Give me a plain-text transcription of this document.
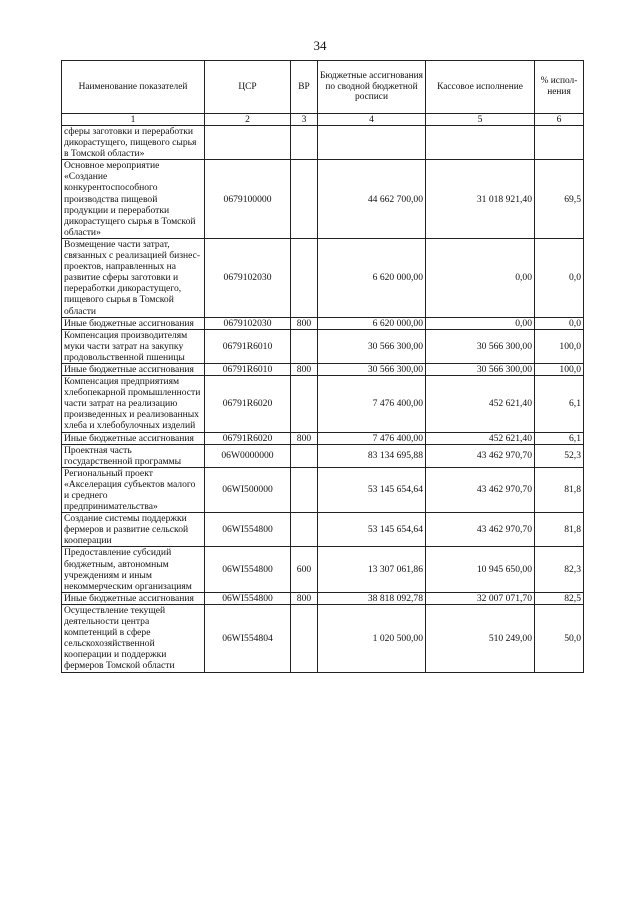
34
Наименование показателей	ЦСР	ВР	Бюджетные ассигнования по сводной бюджетной росписи	Кассовое исполнение	% испол-нения
1	2	3	4	5	6
сферы заготовки и переработки дикорастущего, пищевого сырья в Томской области»					
Основное мероприятие «Создание конкурентоспособного производства пищевой продукции и переработки дикорастущего сырья в Томской области»	0679100000		44 662 700,00	31 018 921,40	69,5
Возмещение части затрат, связанных с реализацией бизнес-проектов, направленных на развитие сферы заготовки и переработки дикорастущего, пищевого сырья в Томской области	0679102030		6 620 000,00	0,00	0,0
Иные бюджетные ассигнования	0679102030	800	6 620 000,00	0,00	0,0
Компенсация производителям муки части затрат на закупку продовольственной пшеницы	06791R6010		30 566 300,00	30 566 300,00	100,0
Иные бюджетные ассигнования	06791R6010	800	30 566 300,00	30 566 300,00	100,0
Компенсация предприятиям хлебопекарной промышленности части затрат на реализацию произведенных и реализованных хлеба и хлебобулочных изделий	06791R6020		7 476 400,00	452 621,40	6,1
Иные бюджетные ассигнования	06791R6020	800	7 476 400,00	452 621,40	6,1
Проектная часть государственной программы	06W0000000		83 134 695,88	43 462 970,70	52,3
Региональный проект «Акселерация субъектов малого и среднего предпринимательства»	06WI500000		53 145 654,64	43 462 970,70	81,8
Создание системы поддержки фермеров и развитие сельской кооперации	06WI554800		53 145 654,64	43 462 970,70	81,8
Предоставление субсидий бюджетным, автономным учреждениям и иным некоммерческим организациям	06WI554800	600	13 307 061,86	10 945 650,00	82,3
Иные бюджетные ассигнования	06WI554800	800	38 818 092,78	32 007 071,70	82,5
Осуществление текущей деятельности центра компетенций в сфере сельскохозяйственной кооперации и поддержки фермеров Томской области	06WI554804		1 020 500,00	510 249,00	50,0
